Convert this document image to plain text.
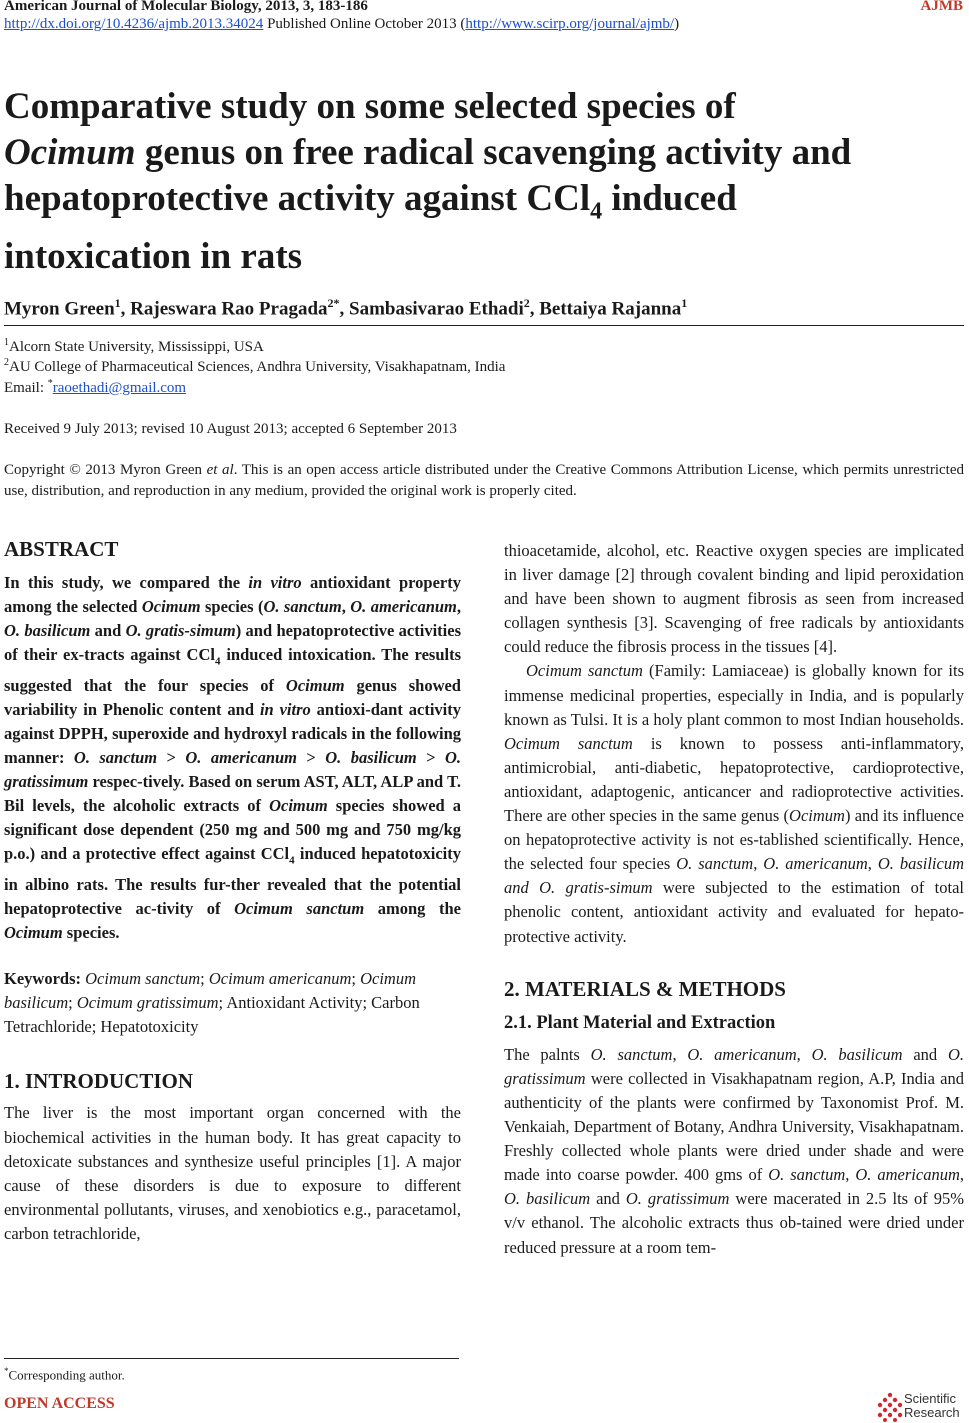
American Journal of Molecular Biology, 2013, 3, 183-186	AJMB
http://dx.doi.org/10.4236/ajmb.2013.34024 Published Online October 2013 (http://www.scirp.org/journal/ajmb/)
Comparative study on some selected species of
Ocimum genus on free radical scavenging activity and
hepatoprotective activity against CCl$_4$ induced
intoxication in rats
Myron Green$^1$, Rajeswara Rao Pragada$^{2*}$, Sambasivarao Ethadi$^2$, Bettaiya Rajanna$^1$
$^1$Alcorn State University, Mississippi, USA
$^2$AU College of Pharmaceutical Sciences, Andhra University, Visakhapatnam, India
Email: *raoethadi@gmail.com
Received 9 July 2013; revised 10 August 2013; accepted 6 September 2013
Copyright © 2013 Myron Green et al. This is an open access article distributed under the Creative Commons Attribution License, which permits unrestricted use, distribution, and reproduction in any medium, provided the original work is properly cited.
ABSTRACT

In this study, we compared the in vitro antioxidant property among the selected Ocimum species (O. sanctum, O. americanum, O. basilicum and O. gratis-simum) and hepatoprotective activities of their ex-tracts against CCl$_4$ induced intoxication. The results suggested that the four species of Ocimum genus showed variability in Phenolic content and in vitro antioxi-dant activity against DPPH, superoxide and hydroxyl radicals in the following manner: O. sanctum > O. americanum > O. basilicum > O. gratissimum respec-tively. Based on serum AST, ALT, ALP and T. Bil levels, the alcoholic extracts of Ocimum species showed a significant dose dependent (250 mg and 500 mg and 750 mg/kg p.o.) and a protective effect against CCl$_4$ induced hepatotoxicity in albino rats. The results fur-ther revealed that the potential hepatoprotective ac-tivity of Ocimum sanctum among the Ocimum species.

Keywords: Ocimum sanctum; Ocimum americanum; Ocimum basilicum; Ocimum gratissimum; Antioxidant Activity; Carbon Tetrachloride; Hepatotoxicity

1. INTRODUCTION

The liver is the most important organ concerned with the biochemical activities in the human body. It has great capacity to detoxicate substances and synthesize useful principles [1]. A major cause of these disorders is due to exposure to different environmental pollutants, viruses, and xenobiotics e.g., paracetamol, carbon tetrachloride,

thioacetamide, alcohol, etc. Reactive oxygen species are implicated in liver damage [2] through covalent binding and lipid peroxidation and have been shown to augment fibrosis as seen from increased collagen synthesis [3]. Scavenging of free radicals by antioxidants could reduce the fibrosis process in the tissues [4].

Ocimum sanctum (Family: Lamiaceae) is globally known for its immense medicinal properties, especially in India, and is popularly known as Tulsi. It is a holy plant common to most Indian households. Ocimum sanctum is known to possess anti-inflammatory, antimicrobial, anti-diabetic, hepatoprotective, cardioprotective, antioxidant, adaptogenic, anticancer and radioprotective activities. There are other species in the same genus (Ocimum) and its influence on hepatoprotective activity is not es-tablished scientifically. Hence, the selected four species O. sanctum, O. americanum, O. basilicum and O. gratis-simum were subjected to the estimation of total phenolic content, antioxidant activity and evaluated for hepato-protective activity.

2. MATERIALS & METHODS
2.1. Plant Material and Extraction

The palnts O. sanctum, O. americanum, O. basilicum and O. gratissimum were collected in Visakhapatnam region, A.P, India and authenticity of the plants were confirmed by Taxonomist Prof. M. Venkaiah, Department of Botany, Andhra University, Visakhapatnam. Freshly collected whole plants were dried under shade and were made into coarse powder. 400 gms of O. sanctum, O. americanum, O. basilicum and O. gratissimum were macerated in 2.5 lts of 95% v/v ethanol. The alcoholic extracts thus ob-tained were dried under reduced pressure at a room tem-

*Corresponding author.
OPEN ACCESS	Scientific
Research
